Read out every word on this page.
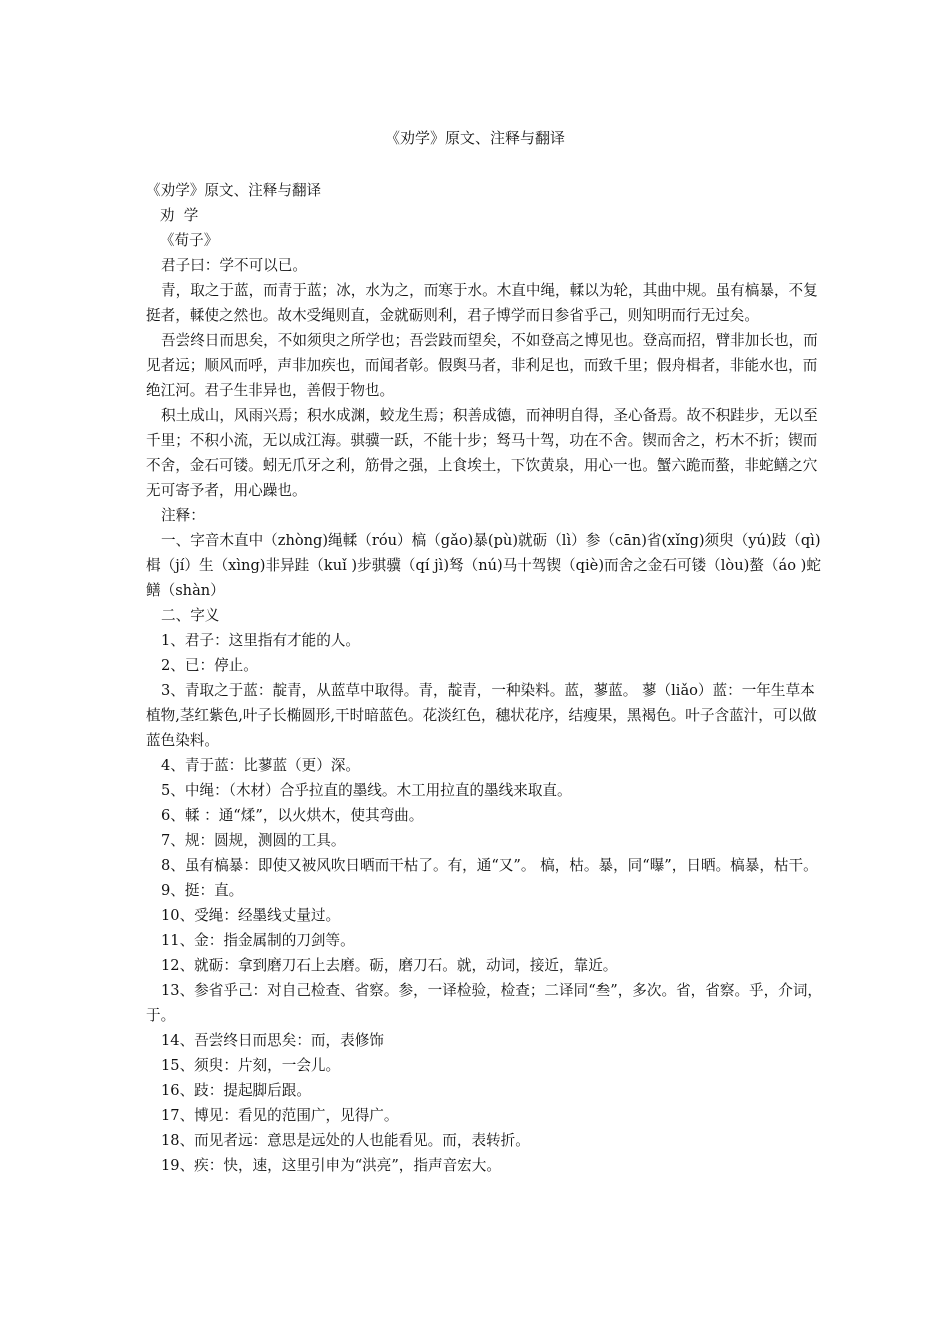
《劝学》原文、注释与翻译
《劝学》原文、注释与翻译
劝  学
《荀子》

君子曰：学不可以已。

青，取之于蓝，而青于蓝；冰，水为之，而寒于水。木直中绳，輮以为轮，其曲中规。虽有槁暴，不复挺者，輮使之然也。故木受绳则直，金就砺则利，君子博学而日参省乎己，则知明而行无过矣。

吾尝终日而思矣，不如须臾之所学也；吾尝跂而望矣，不如登高之博见也。登高而招，臂非加长也，而见者远；顺风而呼，声非加疾也，而闻者彰。假舆马者，非利足也，而致千里；假舟楫者，非能水也，而绝江河。君子生非异也，善假于物也。

积土成山，风雨兴焉；积水成渊，蛟龙生焉；积善成德，而神明自得，圣心备焉。故不积跬步，无以至千里；不积小流，无以成江海。骐骥一跃，不能十步；驽马十驾，功在不舍。锲而舍之，朽木不折；锲而不舍，金石可镂。蚓无爪牙之利，筋骨之强，上食埃土，下饮黄泉，用心一也。蟹六跪而螯，非蛇鳝之穴无可寄予者，用心躁也。

注释：

一、字音木直中（zhòng)绳輮（róu）槁（gǎo)暴(pù)就砺（lì）参（cān)省(xǐng)须臾（yú)跂（qì)楫（jí）生（xìng)非异跬（kuǐ )步骐骥（qí jì)驽（nú)马十驾锲（qiè)而舍之金石可镂（lòu)螯（áo )蛇鳝（shàn）

二、字义

1、君子：这里指有才能的人。

2、已：停止。

3、青取之于蓝：靛青，从蓝草中取得。青，靛青，一种染料。蓝，蓼蓝。 蓼（liǎo）蓝：一年生草本植物,茎红紫色,叶子长椭圆形,干时暗蓝色。花淡红色，穗状花序，结瘦果，黑褐色。叶子含蓝汁，可以做蓝色染料。

4、青于蓝：比蓼蓝（更）深。

5、中绳：（木材）合乎拉直的墨线。木工用拉直的墨线来取直。

6、輮 ：通“煣”，以火烘木，使其弯曲。

7、规：圆规，测圆的工具。

8、虽有槁暴：即使又被风吹日晒而干枯了。有，通“又”。 槁，枯。暴，同“曝”，日晒。槁暴，枯干。

9、挺：直。

10、受绳：经墨线丈量过。

11、金：指金属制的刀剑等。

12、就砺：拿到磨刀石上去磨。砺，磨刀石。就，动词，接近，靠近。

13、参省乎己：对自己检查、省察。参，一译检验，检查；二译同“叁”，多次。省，省察。乎，介词，于。

14、吾尝终日而思矣：而，表修饰

15、须臾：片刻，一会儿。

16、跂：提起脚后跟。

17、博见：看见的范围广，见得广。

18、而见者远：意思是远处的人也能看见。而，表转折。

19、疾：快，速，这里引申为“洪亮”，指声音宏大。
